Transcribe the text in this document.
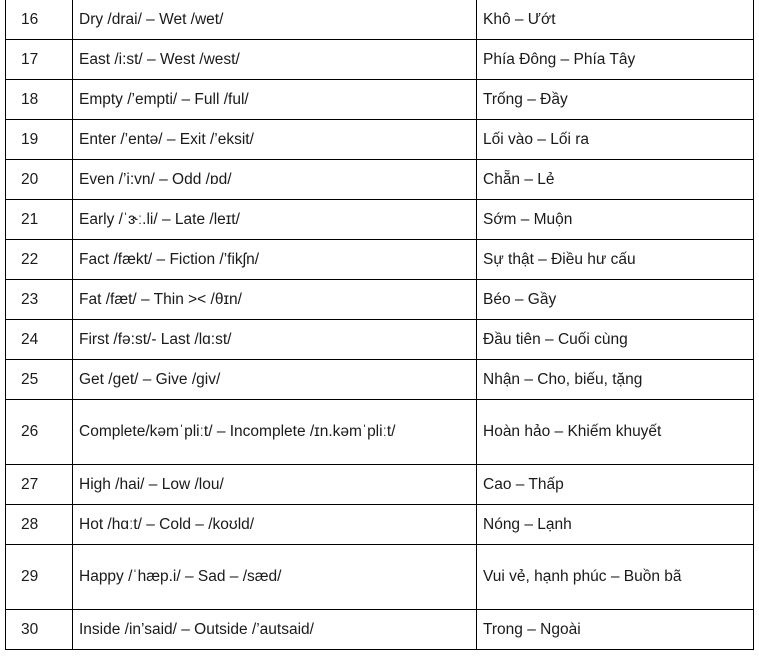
16	Dry /drai/ – Wet /wet/	Khô – Ướt
17	East /i:st/ – West /west/	Phía Đông – Phía Tây
18	Empty /’empti/ – Full /ful/	Trống – Đầy
19	Enter /’entə/ – Exit /’eksit/	Lối vào – Lối ra
20	Even /’i:vn/ – Odd /ɒd/	Chẵn – Lẻ
21	Early /ˈɝː.li/ – Late /leɪt/	Sớm – Muộn
22	Fact /fækt/ – Fiction /’fikʃn/	Sự thật – Điều hư cấu
23	Fat /fæt/ – Thin >< /θɪn/	Béo – Gầy
24	First /fə:st/- Last /lɑ:st/	Đầu tiên – Cuối cùng
25	Get /get/ – Give /giv/	Nhận – Cho, biếu, tặng
26	Complete/kəmˈpliːt/ – Incomplete /ɪn.kəmˈpliːt/	Hoàn hảo – Khiếm khuyết
27	High /hai/ – Low /lou/	Cao – Thấp
28	Hot /hɑːt/ – Cold – /koʊld/	Nóng – Lạnh
29	Happy /ˈhæp.i/ – Sad – /sæd/	Vui vẻ, hạnh phúc – Buồn bã
30	Inside /in’said/ – Outside /’autsaid/	Trong – Ngoài
